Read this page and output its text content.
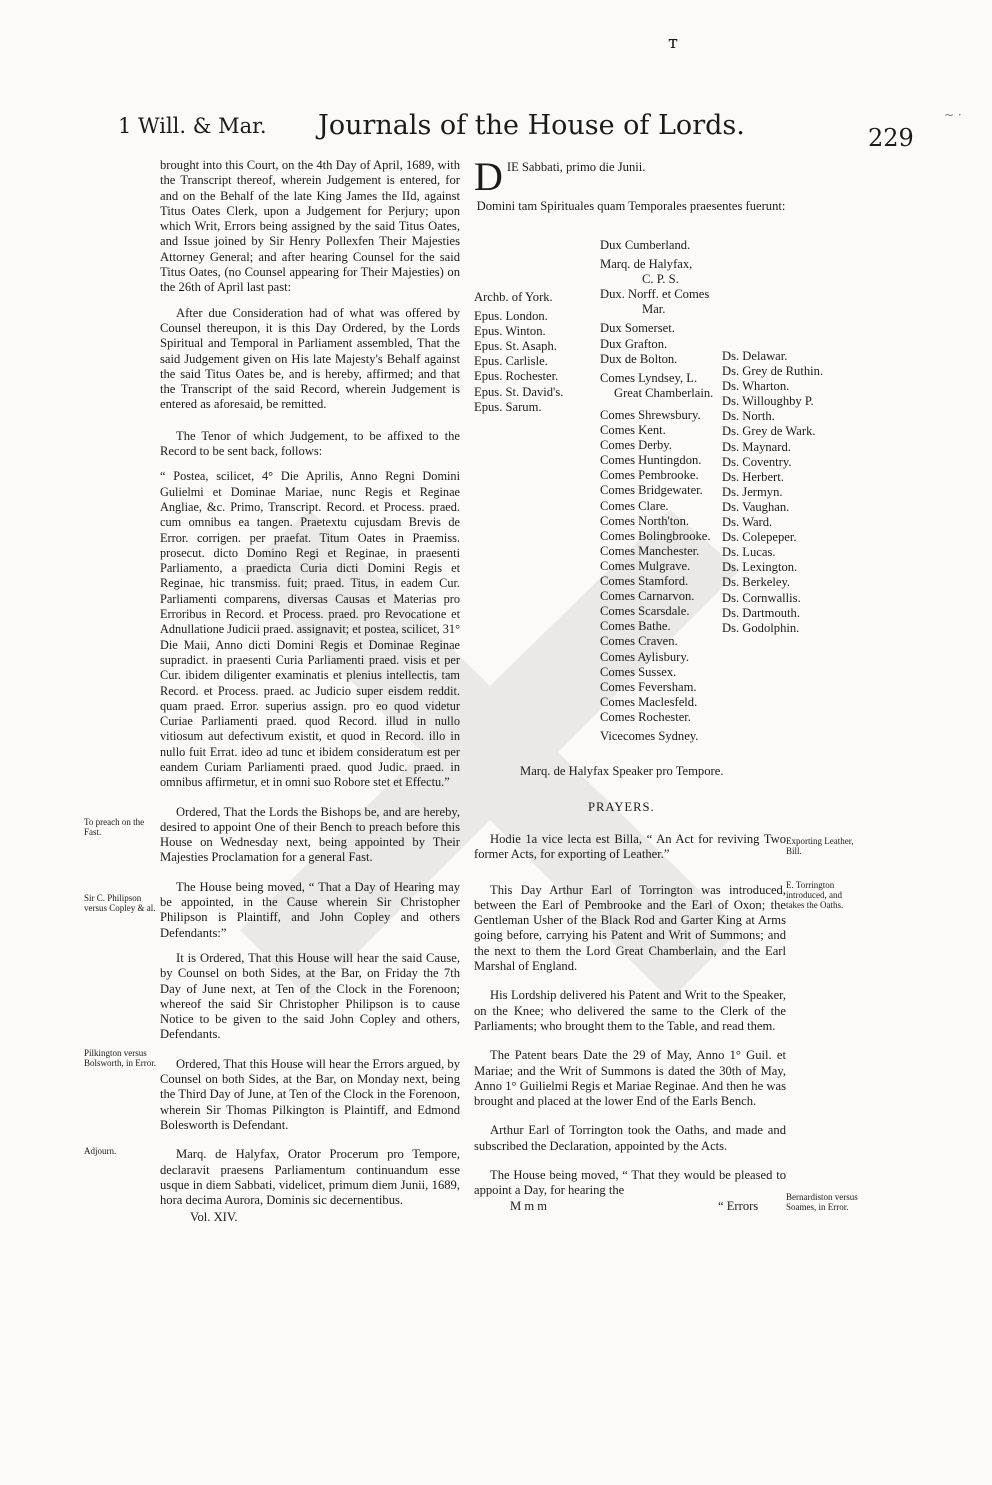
ᴛ
~ ·
1 Will. & Mar. Journals of the House of Lords.	229

brought into this Court, on the 4th Day of April, 1689, with the Transcript thereof, wherein Judgement is entered, for and on the Behalf of the late King James the IId, against Titus Oates Clerk, upon a Judgement for Perjury; upon which Writ, Errors being assigned by the said Titus Oates, and Issue joined by Sir Henry Pollexfen Their Majesties Attorney General; and after hearing Counsel for the said Titus Oates, (no Counsel appearing for Their Majesties) on the 26th of April last past:

After due Consideration had of what was offered by Counsel thereupon, it is this Day Ordered, by the Lords Spiritual and Temporal in Parliament assembled, That the said Judgement given on His late Majesty's Behalf against the said Titus Oates be, and is hereby, affirmed; and that the Transcript of the said Record, wherein Judgement is entered as aforesaid, be remitted.

The Tenor of which Judgement, to be affixed to the Record to be sent back, follows:

“ Postea, scilicet, 4° Die Aprilis, Anno Regni Domini Gulielmi et Dominae Mariae, nunc Regis et Reginae Angliae, &c. Primo, Transcript. Record. et Process. praed. cum omnibus ea tangen. Praetextu cujusdam Brevis de Error. corrigen. per praefat. Titum Oates in Praemiss. prosecut. dicto Domino Regi et Reginae, in praesenti Parliamento, a praedicta Curia dicti Domini Regis et Reginae, hic transmiss. fuit; praed. Titus, in eadem Cur. Parliamenti comparens, diversas Causas et Materias pro Erroribus in Record. et Process. praed. pro Revocatione et Adnullatione Judicii praed. assignavit; et postea, scilicet, 31° Die Maii, Anno dicti Domini Regis et Dominae Reginae supradict. in praesenti Curia Parliamenti praed. visis et per Cur. ibidem diligenter examinatis et plenius intellectis, tam Record. et Process. praed. ac Judicio super eisdem reddit. quam praed. Error. superius assign. pro eo quod videtur Curiae Parliamenti praed. quod Record. illud in nullo vitiosum aut defectivum existit, et quod in Record. illo in nullo fuit Errat. ideo ad tunc et ibidem consideratum est per eandem Curiam Parliamenti praed. quod Judic. praed. in omnibus affirmetur, et in omni suo Robore stet et Effectu.”

Ordered, That the Lords the Bishops be, and are hereby, desired to appoint One of their Bench to preach before this House on Wednesday next, being appointed by Their Majesties Proclamation for a general Fast.

The House being moved, “ That a Day of Hearing may be appointed, in the Cause wherein Sir Christopher Philipson is Plaintiff, and John Copley and others Defendants:”

It is Ordered, That this House will hear the said Cause, by Counsel on both Sides, at the Bar, on Friday the 7th Day of June next, at Ten of the Clock in the Forenoon; whereof the said Sir Christopher Philipson is to cause Notice to be given to the said John Copley and others, Defendants.

Ordered, That this House will hear the Errors argued, by Counsel on both Sides, at the Bar, on Monday next, being the Third Day of June, at Ten of the Clock in the Forenoon, wherein Sir Thomas Pilkington is Plaintiff, and Edmond Bolesworth is Defendant.

Marq. de Halyfax, Orator Procerum pro Tempore, declaravit praesens Parliamentum continuandum esse usque in diem Sabbati, videlicet, primum diem Junii, 1689, hora decima Aurora, Dominis sic decernentibus.

Vol. XIV.
To preach on the Fast.
Sir C. Philipson versus Copley & al.
Pilkington versus Bolsworth, in Error.
Adjourn.
D IE Sabbati, primo die Junii.
Domini tam Spirituales quam Temporales praesentes fuerunt:
Archb. of York.
Epus. London.
Epus. Winton.
Epus. St. Asaph.
Epus. Carlisle.
Epus. Rochester.
Epus. St. David's.
Epus. Sarum.
Dux Cumberland.
Marq. de Halyfax,
C. P. S.
Dux. Norff. et Comes
Mar.
Dux Somerset.
Dux Grafton.
Dux de Bolton.
Comes Lyndsey, L.
Great Chamberlain.
Comes Shrewsbury.
Comes Kent.
Comes Derby.
Comes Huntingdon.
Comes Pembrooke.
Comes Bridgewater.
Comes Clare.
Comes North'ton.
Comes Bolingbrooke.
Comes Manchester.
Comes Mulgrave.
Comes Stamford.
Comes Carnarvon.
Comes Scarsdale.
Comes Bathe.
Comes Craven.
Comes Aylisbury.
Comes Sussex.
Comes Feversham.
Comes Maclesfeld.
Comes Rochester.
Vicecomes Sydney.
Ds. Delawar.
Ds. Grey de Ruthin.
Ds. Wharton.
Ds. Willoughby P.
Ds. North.
Ds. Grey de Wark.
Ds. Maynard.
Ds. Coventry.
Ds. Herbert.
Ds. Jermyn.
Ds. Vaughan.
Ds. Ward.
Ds. Colepeper.
Ds. Lucas.
Ds. Lexington.
Ds. Berkeley.
Ds. Cornwallis.
Ds. Dartmouth.
Ds. Godolphin.
Marq. de Halyfax Speaker pro Tempore.
PRAYERS.

Hodie 1a vice lecta est Billa, “ An Act for reviving Two former Acts, for exporting of Leather.”

This Day Arthur Earl of Torrington was introduced, between the Earl of Pembrooke and the Earl of Oxon; the Gentleman Usher of the Black Rod and Garter King at Arms going before, carrying his Patent and Writ of Summons; and the next to them the Lord Great Chamberlain, and the Earl Marshal of England.

His Lordship delivered his Patent and Writ to the Speaker, on the Knee; who delivered the same to the Clerk of the Parliaments; who brought them to the Table, and read them.

The Patent bears Date the 29 of May, Anno 1° Guil. et Mariae; and the Writ of Summons is dated the 30th of May, Anno 1° Guilielmi Regis et Mariae Reginae. And then he was brought and placed at the lower End of the Earls Bench.

Arthur Earl of Torrington took the Oaths, and made and subscribed the Declaration, appointed by the Acts.

The House being moved, “ That they would be pleased to appoint a Day, for hearing the

M m m	“ Errors
Exporting Leather, Bill.
E. Torrington introduced, and takes the Oaths.
Bernardiston versus Soames, in Error.
